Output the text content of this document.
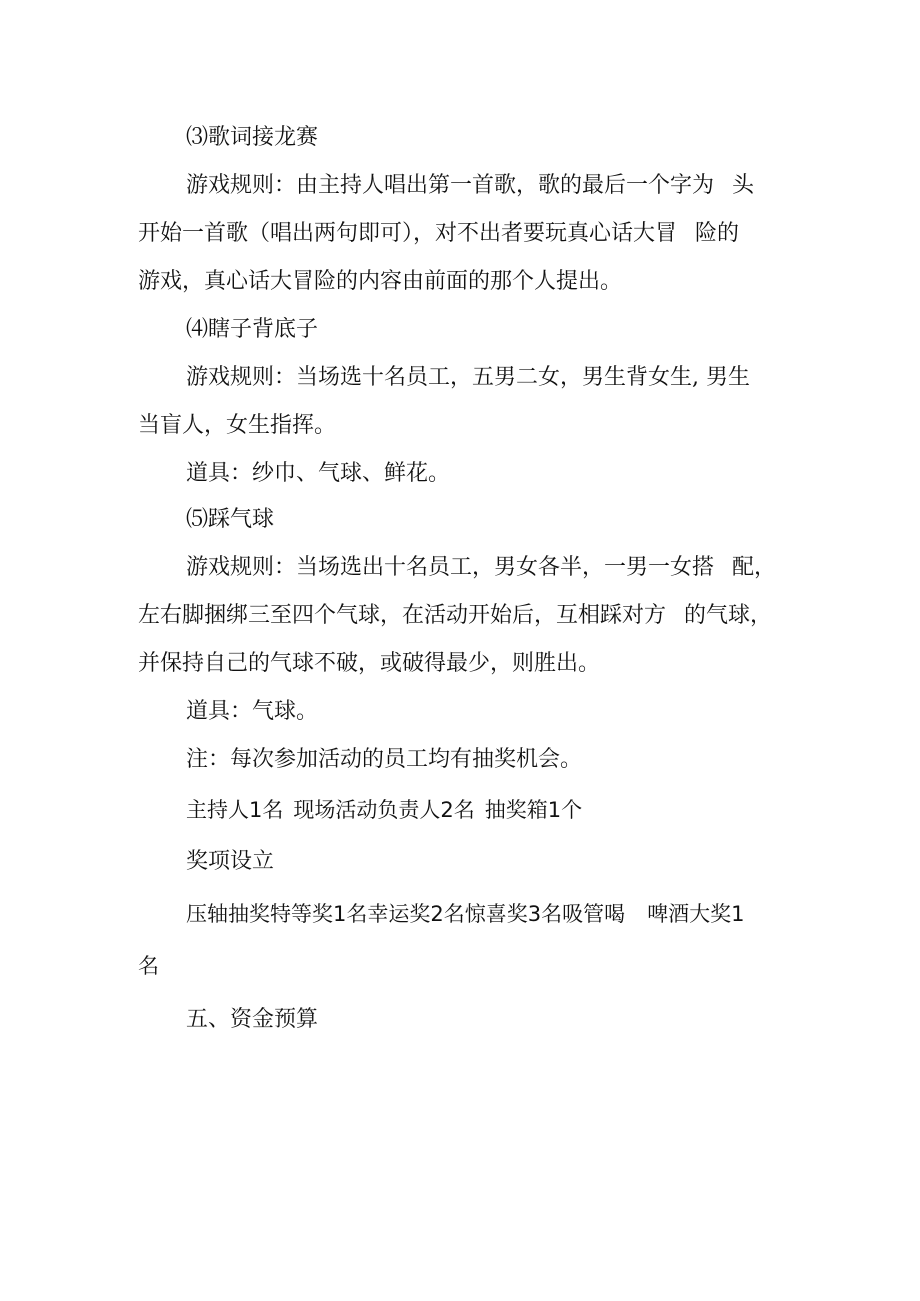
⑶歌词接龙赛
游戏规则：由主持人唱出第一首歌，歌的最后一个字为 头
开始一首歌（唱出两句即可），对不出者要玩真心话大冒 险的
游戏，真心话大冒险的内容由前面的那个人提出。
⑷瞎子背底子
游戏规则：当场选十名员工，五男二女，男生背女生, 男生
当盲人，女生指挥。
道具：纱巾、气球、鲜花。
⑸踩气球
游戏规则：当场选出十名员工，男女各半，一男一女搭 配，
左右脚捆绑三至四个气球，在活动开始后，互相踩对方 的气球，
并保持自己的气球不破，或破得最少，则胜出。
道具：气球。
注：每次参加活动的员工均有抽奖机会。
主持人1名 现场活动负责人2名 抽奖箱1个
奖项设立
压轴抽奖特等奖1名幸运奖2名惊喜奖3名吸管喝 啤酒大奖1
名
五、资金预算
